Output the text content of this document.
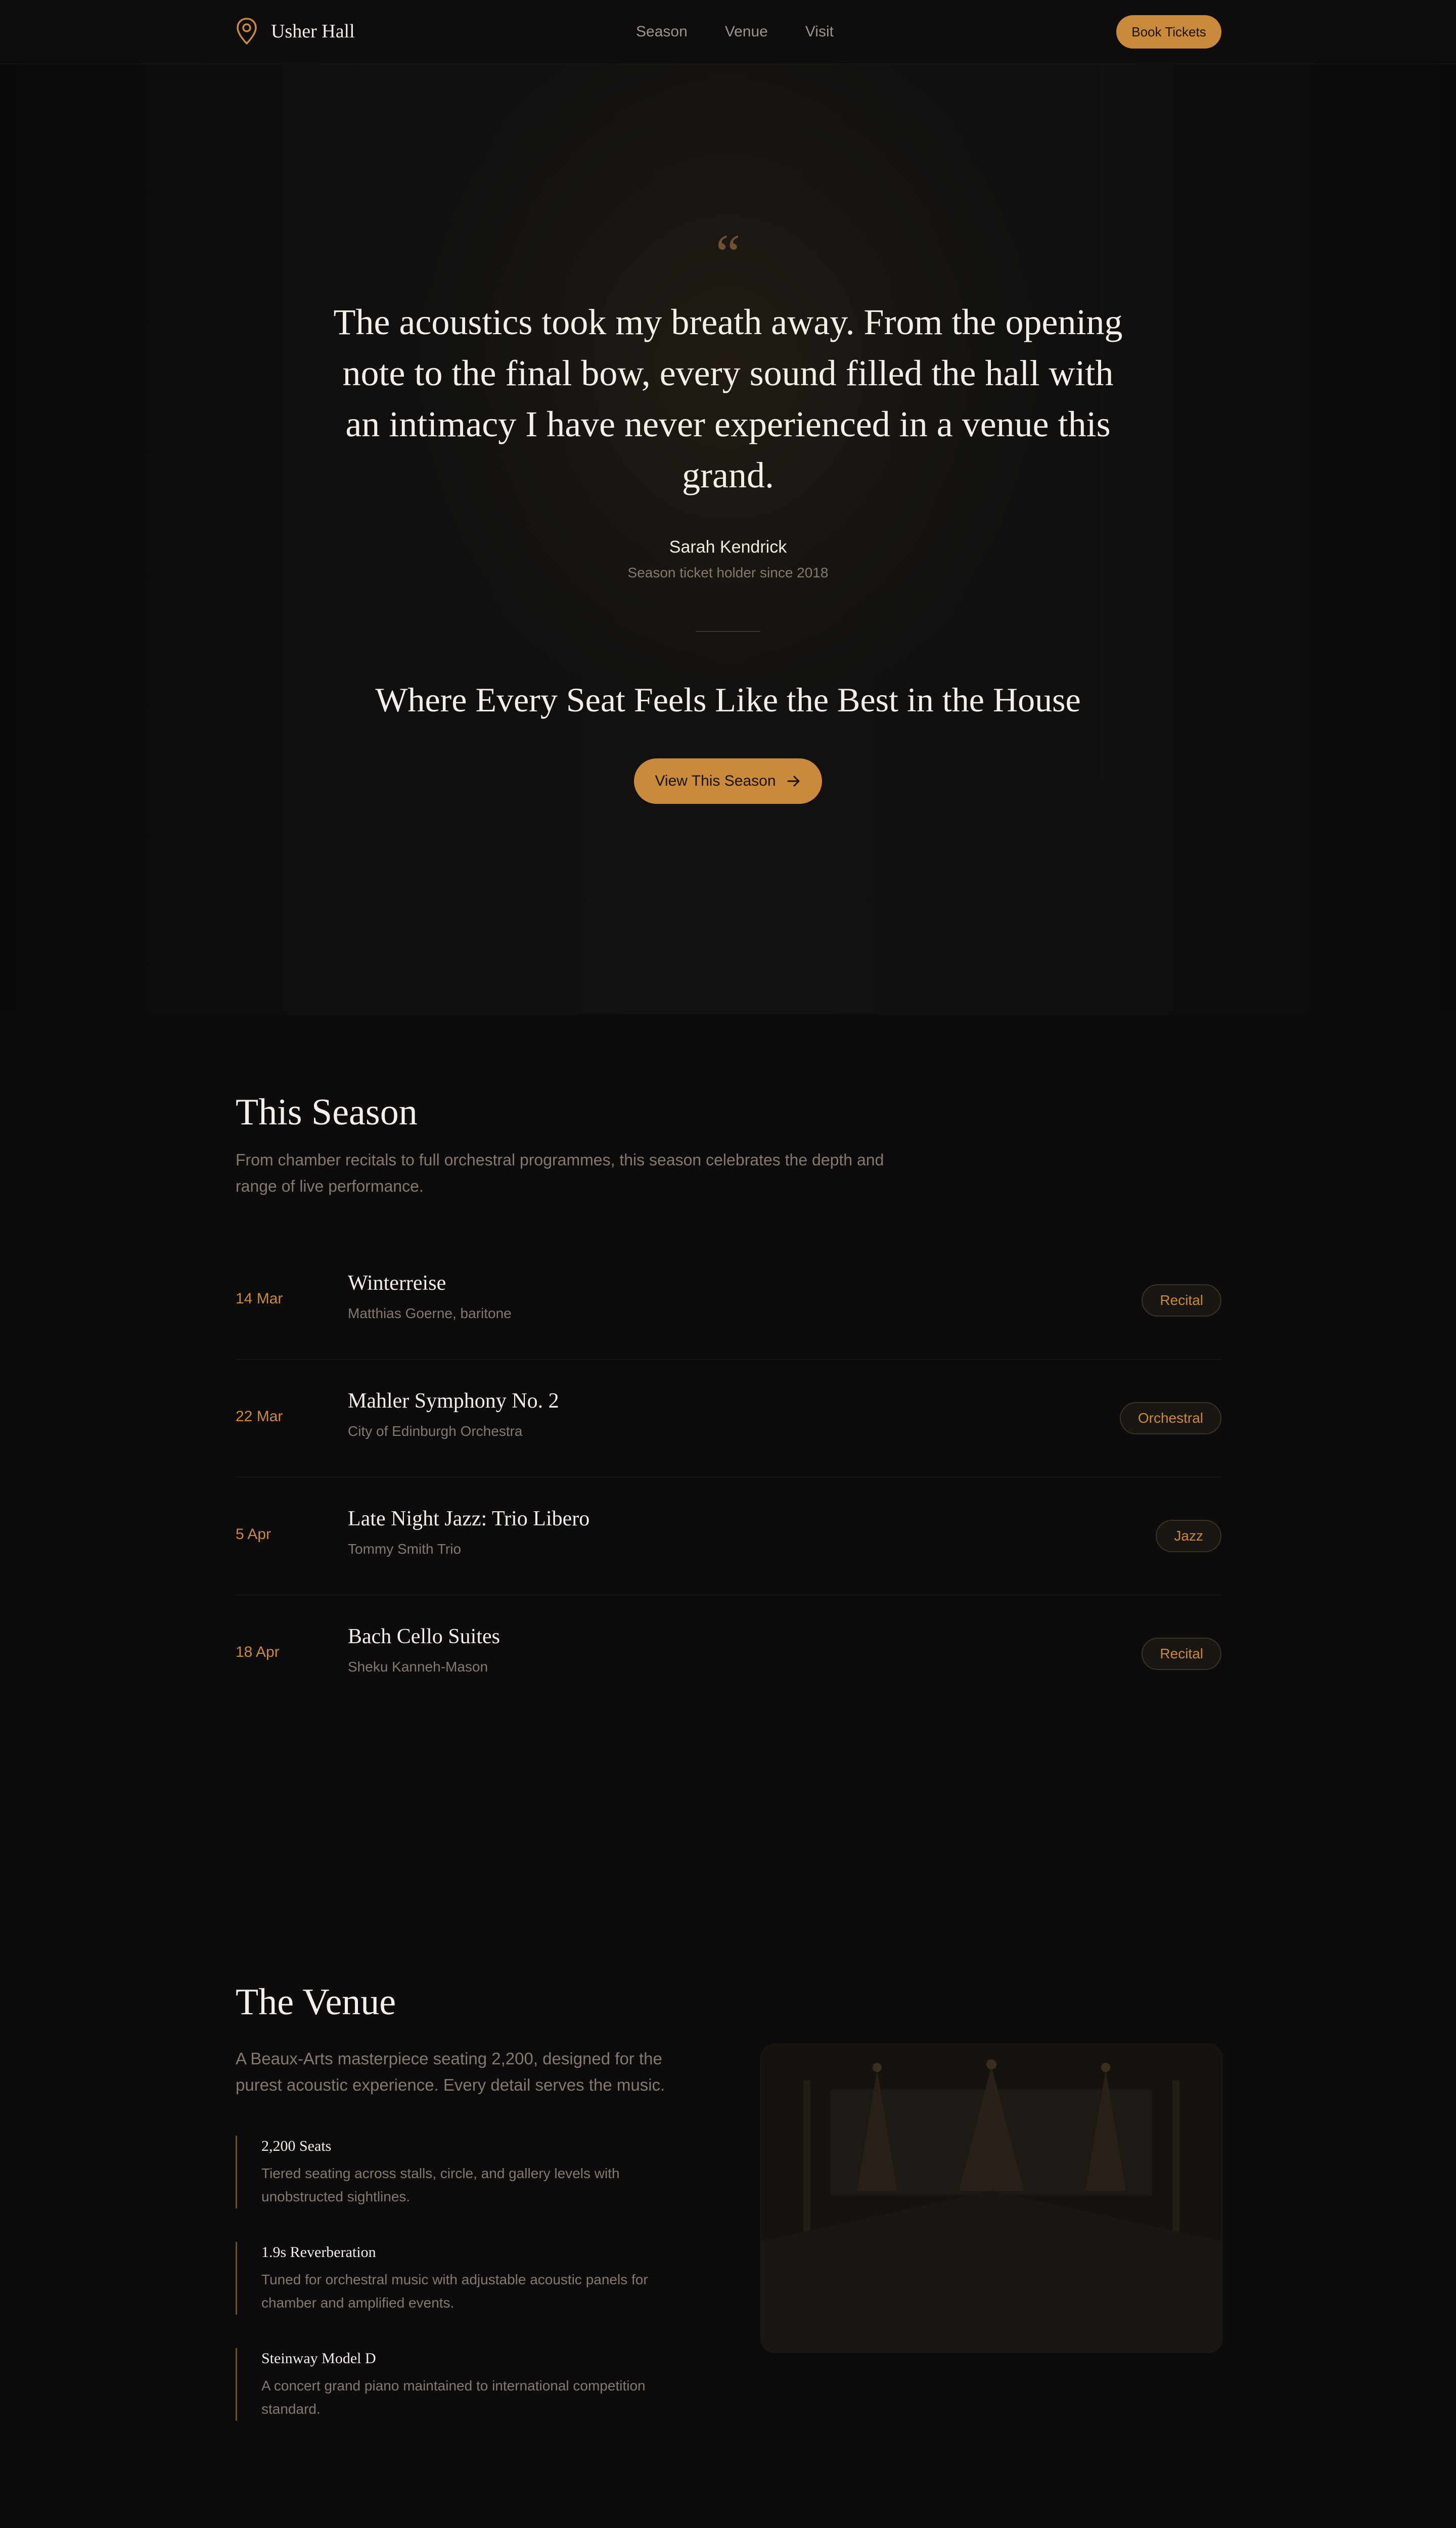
Usher Hall	Season Venue Visit	Book Tickets
“
The acoustics took my breath away. From the opening note to the final bow, every sound filled the hall with an intimacy I have never experienced in a venue this grand.
Sarah Kendrick
Season ticket holder since 2018
Where Every Seat Feels Like the Best in the House
View This Season
This Season

From chamber recitals to full orchestral programmes, this season celebrates the depth and range of live performance.

14 Mar
Winterreise
Matthias Goerne, baritone
Recital
22 Mar
Mahler Symphony No. 2
City of Edinburgh Orchestra
Orchestral
5 Apr
Late Night Jazz: Trio Libero
Tommy Smith Trio
Jazz
18 Apr
Bach Cello Suites
Sheku Kanneh-Mason
Recital
The Venue

A Beaux-Arts masterpiece seating 2,200, designed for the purest acoustic experience. Every detail serves the music.

2,200 Seats
Tiered seating across stalls, circle, and gallery levels with unobstructed sightlines.
1.9s Reverberation
Tuned for orchestral music with adjustable acoustic panels for chamber and amplified events.
Steinway Model D
A concert grand piano maintained to international competition standard.
